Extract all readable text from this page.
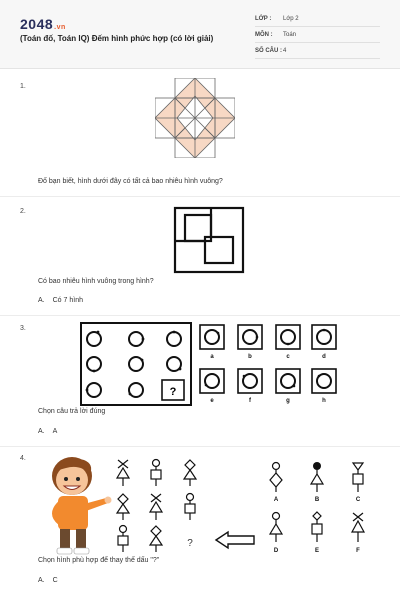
2048.vn
(Toán đố, Toán IQ) Đếm hình phức hợp (có lời giải)
LỚP : Lớp 2
MÔN : Toán
SỐ CÂU : 4
1.
Đố bạn biết, hình dưới đây có tất cả bao nhiêu hình vuông?
2.
Có bao nhiêu hình vuông trong hình?
A. Có 7 hình
3.
?
a	b	c	d
e	f	g	h
Chọn câu trả lời đúng
A. A
4.
?
A	B	C
D	E	F
Chọn hình phù hợp để thay thế dấu "?"
A. C
